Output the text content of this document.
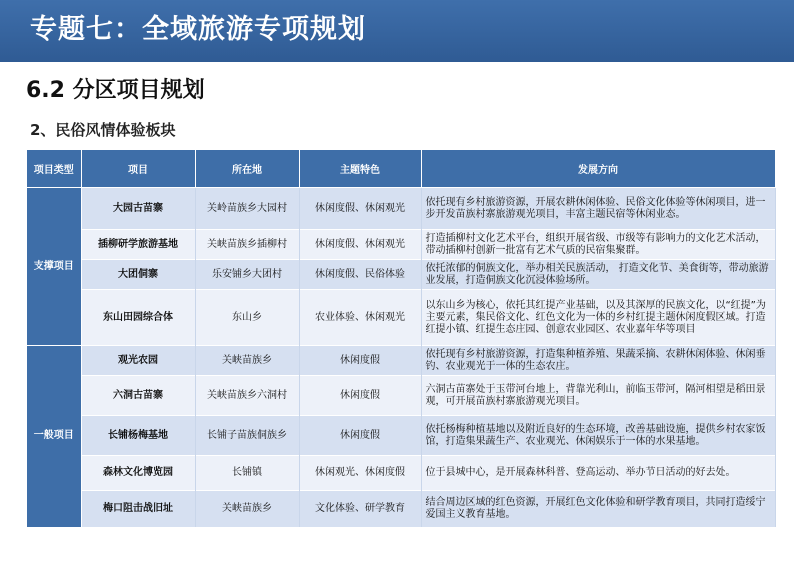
专题七：全域旅游专项规划
6.2 分区项目规划
2、民俗风情体验板块
项目类型	项目	所在地	主题特色	发展方向
支撑项目	大园古苗寨	关岭苗族乡大园村	休闲度假、休闲观光	依托现有乡村旅游资源，开展农耕休闲体验、民俗文化体验等休闲项目，进一步开发苗族村寨旅游观光项目，丰富主题民宿等休闲业态。
	插柳研学旅游基地	关峡苗族乡插柳村	休闲度假、休闲观光	打造插柳村文化艺术平台，组织开展省级、市级等有影响力的文化艺术活动，带动插柳村创新一批富有艺术气质的民宿集聚群。
	大团侗寨	乐安铺乡大团村	休闲度假、民俗体验	依托浓郁的侗族文化，举办相关民族活动， 打造文化节、美食街等，带动旅游业发展，打造侗族文化沉浸体验场所。
	东山田园综合体	东山乡	农业体验、休闲观光	以东山乡为核心，依托其红提产业基础，以及其深厚的民族文化，以“红提”为主要元素，集民俗文化、红色文化为一体的乡村红提主题休闲度假区域。打造红提小镇、红提生态庄园、创意农业园区、农业嘉年华等项目
一般项目	观光农园	关峡苗族乡	休闲度假	依托现有乡村旅游资源，打造集种植养殖、果蔬采摘、农耕休闲体验、休闲垂钓、农业观光于一体的生态农庄。
	六洞古苗寨	关峡苗族乡六洞村	休闲度假	六洞古苗寨处于玉带河台地上，背靠光利山，前临玉带河，隔河相望是稻田景观，可开展苗族村寨旅游观光项目。
	长铺杨梅基地	长铺子苗族侗族乡	休闲度假	依托杨梅种植基地以及附近良好的生态环境，改善基础设施，提供乡村农家饭馆，打造集果蔬生产、农业观光、休闲娱乐于一体的水果基地。
	森林文化博览园	长铺镇	休闲观光、休闲度假	位于县城中心，是开展森林科普、登高运动、举办节日活动的好去处。
	梅口阻击战旧址	关峡苗族乡	文化体验、研学教育	结合周边区域的红色资源，开展红色文化体验和研学教育项目，共同打造绥宁爱国主义教育基地。
